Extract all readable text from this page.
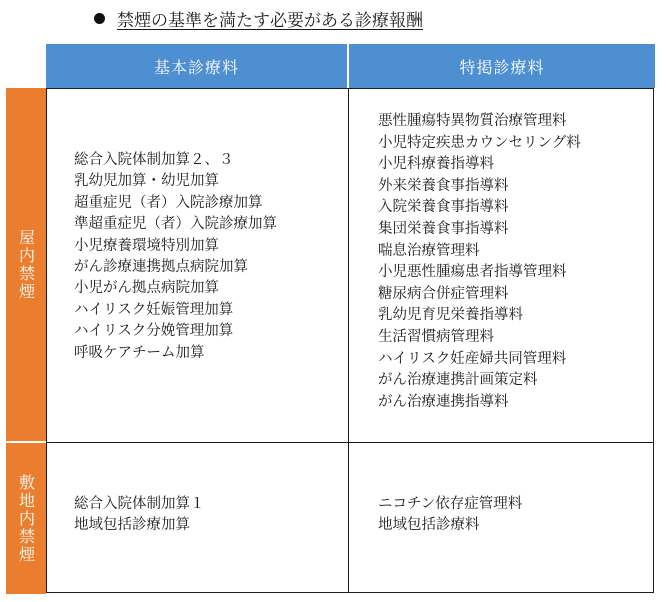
禁煙の基準を満たす必要がある診療報酬
基本診療料	特掲診療料
屋内禁煙
敷地内禁煙
総合入院体制加算２、３
乳幼児加算・幼児加算
超重症児（者）入院診療加算
準超重症児（者）入院診療加算
小児療養環境特別加算
がん診療連携拠点病院加算
小児がん拠点病院加算
ハイリスク妊娠管理加算
ハイリスク分娩管理加算
呼吸ケアチーム加算
悪性腫瘍特異物質治療管理料
小児特定疾患カウンセリング料
小児科療養指導料
外来栄養食事指導料
入院栄養食事指導料
集団栄養食事指導料
喘息治療管理料
小児悪性腫瘍患者指導管理料
糖尿病合併症管理料
乳幼児育児栄養指導料
生活習慣病管理料
ハイリスク妊産婦共同管理料
がん治療連携計画策定料
がん治療連携指導料
総合入院体制加算１
地域包括診療加算
ニコチン依存症管理料
地域包括診療料
